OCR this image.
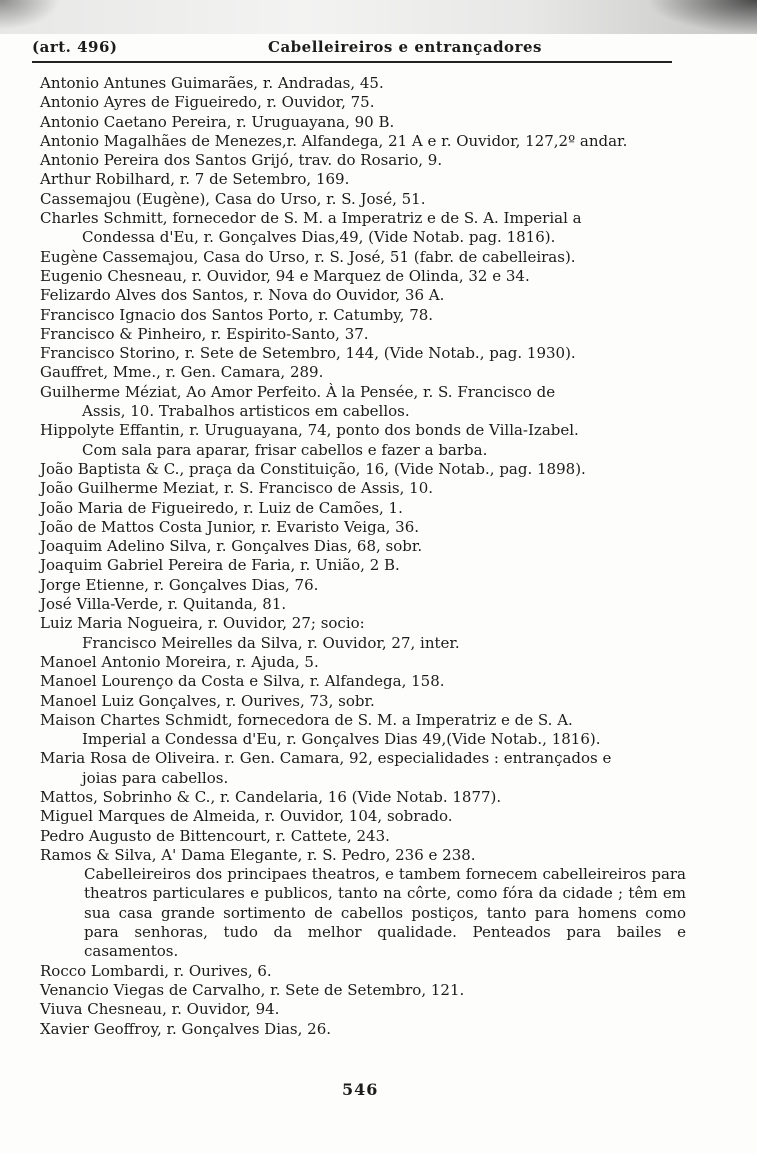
(art. 496)	Cabelleireiros e entrançadores
Antonio Antunes Guimarães, r. Andradas, 45.
Antonio Ayres de Figueiredo, r. Ouvidor, 75.
Antonio Caetano Pereira, r. Uruguayana, 90 B.
Antonio Magalhães de Menezes,r. Alfandega, 21 A e r. Ouvidor, 127,2º andar.
Antonio Pereira dos Santos Grijó, trav. do Rosario, 9.
Arthur Robilhard, r. 7 de Setembro, 169.
Cassemajou (Eugène), Casa do Urso, r. S. José, 51.
Charles Schmitt, fornecedor de S. M. a Imperatriz e de S. A. Imperial a
Condessa d'Eu, r. Gonçalves Dias,49, (Vide Notab. pag. 1816).
Eugène Cassemajou, Casa do Urso, r. S. José, 51 (fabr. de cabelleiras).
Eugenio Chesneau, r. Ouvidor, 94 e Marquez de Olinda, 32 e 34.
Felizardo Alves dos Santos, r. Nova do Ouvidor, 36 A.
Francisco Ignacio dos Santos Porto, r. Catumby, 78.
Francisco & Pinheiro, r. Espirito-Santo, 37.
Francisco Storino, r. Sete de Setembro, 144, (Vide Notab., pag. 1930).
Gauffret, Mme., r. Gen. Camara, 289.
Guilherme Méziat, Ao Amor Perfeito. À la Pensée, r. S. Francisco de
Assis, 10. Trabalhos artisticos em cabellos.
Hippolyte Effantin, r. Uruguayana, 74, ponto dos bonds de Villa-Izabel.
Com sala para aparar, frisar cabellos e fazer a barba.
João Baptista & C., praça da Constituição, 16, (Vide Notab., pag. 1898).
João Guilherme Meziat, r. S. Francisco de Assis, 10.
João Maria de Figueiredo, r. Luiz de Camões, 1.
João de Mattos Costa Junior, r. Evaristo Veiga, 36.
Joaquim Adelino Silva, r. Gonçalves Dias, 68, sobr.
Joaquim Gabriel Pereira de Faria, r. União, 2 B.
Jorge Etienne, r. Gonçalves Dias, 76.
José Villa-Verde, r. Quitanda, 81.
Luiz Maria Nogueira, r. Ouvidor, 27; socio:
Francisco Meirelles da Silva, r. Ouvidor, 27, inter.
Manoel Antonio Moreira, r. Ajuda, 5.
Manoel Lourenço da Costa e Silva, r. Alfandega, 158.
Manoel Luiz Gonçalves, r. Ourives, 73, sobr.
Maison Chartes Schmidt, fornecedora de S. M. a Imperatriz e de S. A.
Imperial a Condessa d'Eu, r. Gonçalves Dias 49,(Vide Notab., 1816).
Maria Rosa de Oliveira. r. Gen. Camara, 92, especialidades : entrançados e
joias para cabellos.
Mattos, Sobrinho & C., r. Candelaria, 16 (Vide Notab. 1877).
Miguel Marques de Almeida, r. Ouvidor, 104, sobrado.
Pedro Augusto de Bittencourt, r. Cattete, 243.
Ramos & Silva, A' Dama Elegante, r. S. Pedro, 236 e 238.
Cabelleireiros dos principaes theatros, e tambem fornecem cabelleireiros para theatros particulares e publicos, tanto na côrte, como fóra da cidade ; têm em sua casa grande sortimento de cabellos postiços, tanto para homens como para senhoras, tudo da melhor qualidade. Penteados para bailes e casamentos.
Rocco Lombardi, r. Ourives, 6.
Venancio Viegas de Carvalho, r. Sete de Setembro, 121.
Viuva Chesneau, r. Ouvidor, 94.
Xavier Geoffroy, r. Gonçalves Dias, 26.
546
